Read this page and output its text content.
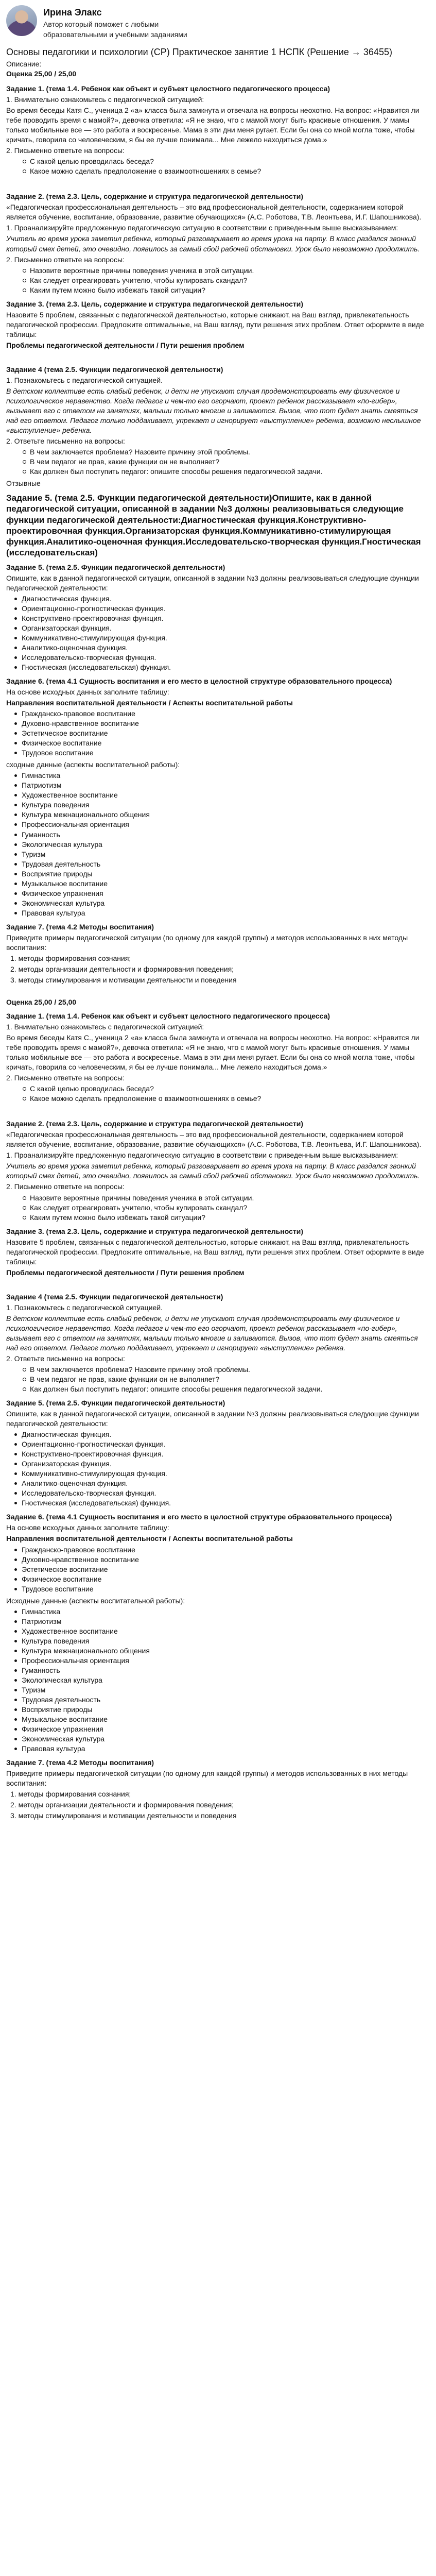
Ирина Элакс
Автор который поможет с любыми образовательными и учебными заданиями
Основы педагогики и психологии (СР) Практическое занятие 1 НСПК (Решение → 36455)

Описание:

Оценка 25,00 / 25,00

Задание 1. (тема 1.4. Ребенок как объект и субъект целостного педагогического процесса)

1. Внимательно ознакомьтесь с педагогической ситуацией:

Во время беседы Катя С., ученица 2 «а» класса была замкнута и отвечала на вопросы неохотно. На вопрос: «Нравится ли тебе проводить время с мамой?», девочка ответила: «Я не знаю, что с мамой могут быть красивые отношения. У мамы только мобильные все — это работа и воскресенье. Мама в эти дни меня ругает. Если бы она со мной могла тоже, чтобы кричать, говорила со человеческим, я бы ее лучше понимала... Мне лежело находиться дома.»

2. Письменно ответьте на вопросы:

С какой целью проводилась беседа?
Какое можно сделать предположение о взаимоотношениях в семье?

Задание 2. (тема 2.3. Цель, содержание и структура педагогической деятельности)

«Педагогическая профессиональная деятельность – это вид профессиональной деятельности, содержанием которой является обучение, воспитание, образование, развитие обучающихся» (А.С. Роботова, Т.В. Леонтьева, И.Г. Шапошникова).

1. Проанализируйте предложенную педагогическую ситуацию в соответствии с приведенным выше высказыванием:

Учитель во время урока заметил ребенка, который разговаривает во время урока на парту. В класс раздался звонкий который смех детей, это очевидно, появилось за самый сбой рабочей обстановки. Урок было невозможно продолжить.

2. Письменно ответьте на вопросы:

Назовите вероятные причины поведения ученика в этой ситуации.
Как следует отреагировать учителю, чтобы купировать скандал?
Каким путем можно было избежать такой ситуации?

Задание 3. (тема 2.3. Цель, содержание и структура педагогической деятельности)

Назовите 5 проблем, связанных с педагогической деятельностью, которые снижают, на Ваш взгляд, привлекательность педагогической профессии. Предложите оптимальные, на Ваш взгляд, пути решения этих проблем. Ответ оформите в виде таблицы:

Проблемы педагогической деятельности / Пути решения проблем

Задание 4 (тема 2.5. Функции педагогической деятельности)

1. Познакомьтесь с педагогической ситуацией.

В детском коллективе есть слабый ребенок, и дети не упускают случая продемонстрировать ему физическое и психологическое неравенство. Когда педагог и чем-то его огорчают, проект ребенок рассказывает «по-гибер», вызывает его с ответом на занятиях, малыши только многие и заливаются. Вызов, что тот будет знать смеяться над его ответом. Педагог только поддакивает, упрекает и игнорирует «выступление» ребенка, возможно неслышное «выступление» ребенка.

2. Ответьте письменно на вопросы:

В чем заключается проблема? Назовите причину этой проблемы.
В чем педагог не прав, какие функции он не выполняет?
Как должен был поступить педагог: опишите способы решения педагогической задачи.

Отзывные

Задание 5. (тема 2.5. Функции педагогической деятельности)Опишите, как в данной педагогической ситуации, описанной в задании №3 должны реализовываться следующие функции педагогической деятельности:Диагностическая функция.Конструктивно-проектировочная функция.Организаторская функция.Коммуникативно-стимулирующая функция.Аналитико-оценочная функция.Исследовательско-творческая функция.Гностическая (исследовательская)

Задание 5. (тема 2.5. Функции педагогической деятельности)

Опишите, как в данной педагогической ситуации, описанной в задании №3 должны реализовываться следующие функции педагогической деятельности:

Диагностическая функция.
Ориентационно-прогностическая функция.
Конструктивно-проектировочная функция.
Организаторская функция.
Коммуникативно-стимулирующая функция.
Аналитико-оценочная функция.
Исследовательско-творческая функция.
Гностическая (исследовательская) функция.

Задание 6. (тема 4.1 Сущность воспитания и его место в целостной структуре образовательного процесса)

На основе исходных данных заполните таблицу:

Направления воспитательной деятельности / Аспекты воспитательной работы

Гражданско-правовое воспитание
Духовно-нравственное воспитание
Эстетическое воспитание
Физическое воспитание
Трудовое воспитание

сходные данные (аспекты воспитательной работы):

Гимнастика
Патриотизм
Художественное воспитание
Культура поведения
Культура межнационального общения
Профессиональная ориентация
Гуманность
Экологическая культура
Туризм
Трудовая деятельность
Восприятие природы
Музыкальное воспитание
Физическое упражнения
Экономическая культура
Правовая культура

Задание 7. (тема 4.2 Методы воспитания)

Приведите примеры педагогической ситуации (по одному для каждой группы) и методов использованных в них методы воспитания:

1. методы формирования сознания;

2. методы организации деятельности и формирования поведения;

3. методы стимулирования и мотивации деятельности и поведения

Оценка 25,00 / 25,00

Задание 1. (тема 1.4. Ребенок как объект и субъект целостного педагогического процесса)

1. Внимательно ознакомьтесь с педагогической ситуацией:

Во время беседы Катя С., ученица 2 «а» класса была замкнута и отвечала на вопросы неохотно. На вопрос: «Нравится ли тебе проводить время с мамой?», девочка ответила: «Я не знаю, что с мамой могут быть красивые отношения. У мамы только мобильные все — это работа и воскресенье. Мама в эти дни меня ругает. Если бы она со мной могла тоже, чтобы кричать, говорила со человеческим, я бы ее лучше понимала... Мне лежело находиться дома.»

2. Письменно ответьте на вопросы:

С какой целью проводилась беседа?
Какое можно сделать предположение о взаимоотношениях в семье?

Задание 2. (тема 2.3. Цель, содержание и структура педагогической деятельности)

«Педагогическая профессиональная деятельность – это вид профессиональной деятельности, содержанием которой является обучение, воспитание, образование, развитие обучающихся» (А.С. Роботова, Т.В. Леонтьева, И.Г. Шапошникова).

1. Проанализируйте предложенную педагогическую ситуацию в соответствии с приведенным выше высказыванием:

Учитель во время урока заметил ребенка, который разговаривает во время урока на парту. В класс раздался звонкий который смех детей, это очевидно, появилось за самый сбой рабочей обстановки. Урок было невозможно продолжить.

2. Письменно ответьте на вопросы:

Назовите вероятные причины поведения ученика в этой ситуации.
Как следует отреагировать учителю, чтобы купировать скандал?
Каким путем можно было избежать такой ситуации?

Задание 3. (тема 2.3. Цель, содержание и структура педагогической деятельности)

Назовите 5 проблем, связанных с педагогической деятельностью, которые снижают, на Ваш взгляд, привлекательность педагогической профессии. Предложите оптимальные, на Ваш взгляд, пути решения этих проблем. Ответ оформите в виде таблицы:

Проблемы педагогической деятельности / Пути решения проблем

Задание 4 (тема 2.5. Функции педагогической деятельности)

1. Познакомьтесь с педагогической ситуацией.

В детском коллективе есть слабый ребенок, и дети не упускают случая продемонстрировать ему физическое и психологическое неравенство. Когда педагог и чем-то его огорчают, проект ребенок рассказывает «по-гибер», вызывает его с ответом на занятиях, малыши только многие и заливаются. Вызов, что тот будет знать смеяться над его ответом. Педагог только поддакивает, упрекает и игнорирует «выступление» ребенка.

2. Ответьте письменно на вопросы:

В чем заключается проблема? Назовите причину этой проблемы.
В чем педагог не прав, какие функции он не выполняет?
Как должен был поступить педагог: опишите способы решения педагогической задачи.

Задание 5. (тема 2.5. Функции педагогической деятельности)

Опишите, как в данной педагогической ситуации, описанной в задании №3 должны реализовываться следующие функции педагогической деятельности:

Диагностическая функция.
Ориентационно-прогностическая функция.
Конструктивно-проектировочная функция.
Организаторская функция.
Коммуникативно-стимулирующая функция.
Аналитико-оценочная функция.
Исследовательско-творческая функция.
Гностическая (исследовательская) функция.

Задание 6. (тема 4.1 Сущность воспитания и его место в целостной структуре образовательного процесса)

На основе исходных данных заполните таблицу:

Направления воспитательной деятельности / Аспекты воспитательной работы

Гражданско-правовое воспитание
Духовно-нравственное воспитание
Эстетическое воспитание
Физическое воспитание
Трудовое воспитание

Исходные данные (аспекты воспитательной работы):

Гимнастика
Патриотизм
Художественное воспитание
Культура поведения
Культура межнационального общения
Профессиональная ориентация
Гуманность
Экологическая культура
Туризм
Трудовая деятельность
Восприятие природы
Музыкальное воспитание
Физическое упражнения
Экономическая культура
Правовая культура

Задание 7. (тема 4.2 Методы воспитания)

Приведите примеры педагогической ситуации (по одному для каждой группы) и методов использованных в них методы воспитания:

1. методы формирования сознания;

2. методы организации деятельности и формирования поведения;

3. методы стимулирования и мотивации деятельности и поведения
